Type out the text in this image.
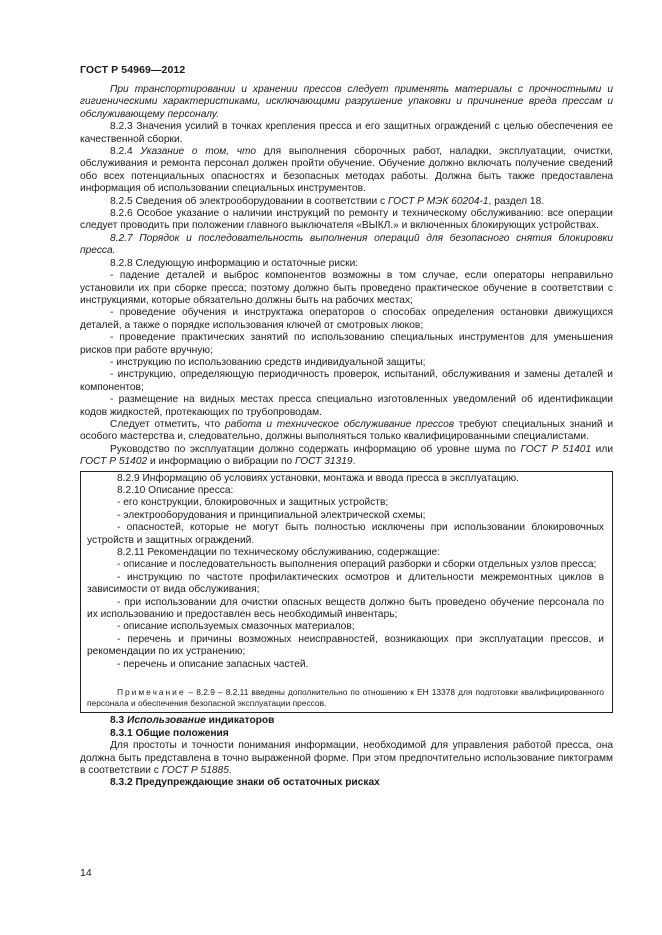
ГОСТ Р 54969—2012

При транспортировании и хранении прессов следует применять материалы с прочностными и гигиеническими характеристиками, исключающими разрушение упаковки и причинение вреда прессам и обслуживающему персоналу.

8.2.3 Значения усилий в точках крепления пресса и его защитных ограждений с целью обеспечения ее качественной сборки.

8.2.4 Указание о том, что для выполнения сборочных работ, наладки, эксплуатации, очистки, обслуживания и ремонта персонал должен пройти обучение. Обучение должно включать получение сведений обо всех потенциальных опасностях и безопасных методах работы. Должна быть также предоставлена информация об использовании специальных инструментов.

8.2.5 Сведения об электрооборудовании в соответствии с ГОСТ Р МЭК 60204-1, раздел 18.

8.2.6 Особое указание о наличии инструкций по ремонту и техническому обслуживанию: все операции следует проводить при положении главного выключателя «ВЫКЛ.» и включенных блокирующих устройствах.

8.2.7 Порядок и последовательность выполнения операций для безопасного снятия блокировки пресса.

8.2.8 Следующую информацию и остаточные риски:

- падение деталей и выброс компонентов возможны в том случае, если операторы неправильно установили их при сборке пресса; поэтому должно быть проведено практическое обучение в соответствии с инструкциями, которые обязательно должны быть на рабочих местах;

- проведение обучения и инструктажа операторов о способах определения остановки движущихся деталей, а также о порядке использования ключей от смотровых люков;

- проведение практических занятий по использованию специальных инструментов для уменьшения рисков при работе вручную;

- инструкцию по использованию средств индивидуальной защиты;

- инструкцию, определяющую периодичность проверок, испытаний, обслуживания и замены деталей и компонентов;

- размещение на видных местах пресса специально изготовленных уведомлений об идентификации кодов жидкостей, протекающих по трубопроводам.

Следует отметить, что работа и техническое обслуживание прессов требуют специальных знаний и особого мастерства и, следовательно, должны выполняться только квалифицированными специалистами.

Руководство по эксплуатации должно содержать информацию об уровне шума по ГОСТ Р 51401 или ГОСТ Р 51402 и информацию о вибрации по ГОСТ 31319.

8.2.9 Информацию об условиях установки, монтажа и ввода пресса в эксплуатацию.

8.2.10 Описание пресса:

- его конструкции, блокировочных и защитных устройств;

- электрооборудования и принципиальной электрической схемы;

- опасностей, которые не могут быть полностью исключены при использовании блокировочных устройств и защитных ограждений.

8.2.11 Рекомендации по техническому обслуживанию, содержащие:

- описание и последовательность выполнения операций разборки и сборки отдельных узлов пресса;

- инструкцию по частоте профилактических осмотров и длительности межремонтных циклов в зависимости от вида обслуживания;

- при использовании для очистки опасных веществ должно быть проведено обучение персонала по их использованию и предоставлен весь необходимый инвентарь;

- описание используемых смазочных материалов;

- перечень и причины возможных неисправностей, возникающих при эксплуатации прессов, и рекомендации по их устранению;

- перечень и описание запасных частей.

Примечание – 8.2.9 – 8.2.11 введены дополнительно по отношению к ЕН 13378 для подготовки квалифицированного персонала и обеспечения безопасной эксплуатации прессов.

8.3 Использование индикаторов

8.3.1 Общие положения

Для простоты и точности понимания информации, необходимой для управления работой пресса, она должна быть представлена в точно выраженной форме. При этом предпочтительно использование пиктограмм в соответствии с ГОСТ Р 51885.

8.3.2 Предупреждающие знаки об остаточных рисках

14
